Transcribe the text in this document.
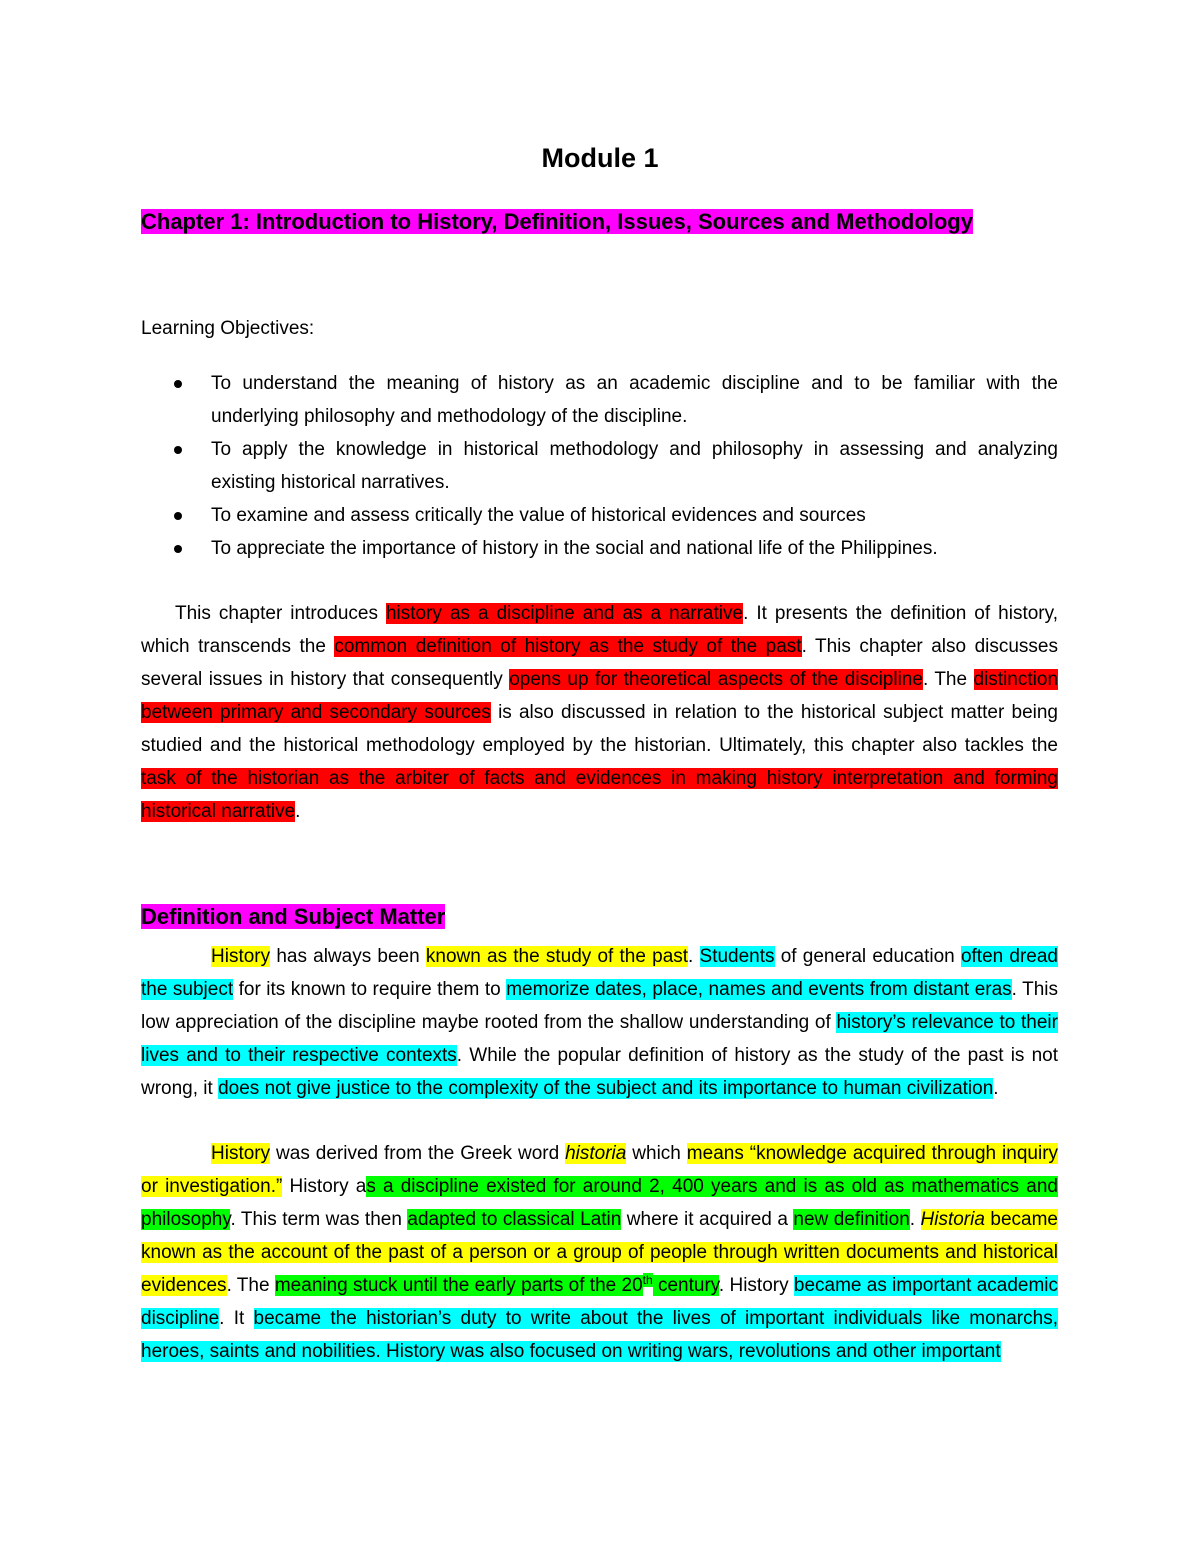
Module 1
Chapter 1: Introduction to History, Definition, Issues, Sources and Methodology
Learning Objectives:
To understand the meaning of history as an academic discipline and to be familiar with the underlying philosophy and methodology of the discipline.
To apply the knowledge in historical methodology and philosophy in assessing and analyzing existing historical narratives.
To examine and assess critically the value of historical evidences and sources
To appreciate the importance of history in the social and national life of the Philippines.

This chapter introduces history as a discipline and as a narrative. It presents the definition of history, which transcends the common definition of history as the study of the past. This chapter also discusses several issues in history that consequently opens up for theoretical aspects of the discipline. The distinction between primary and secondary sources is also discussed in relation to the historical subject matter being studied and the historical methodology employed by the historian. Ultimately, this chapter also tackles the task of the historian as the arbiter of facts and evidences in making history interpretation and forming historical narrative.

Definition and Subject Matter

History has always been known as the study of the past. Students of general education often dread the subject for its known to require them to memorize dates, place, names and events from distant eras. This low appreciation of the discipline maybe rooted from the shallow understanding of history’s relevance to their lives and to their respective contexts. While the popular definition of history as the study of the past is not wrong, it does not give justice to the complexity of the subject and its importance to human civilization.

History was derived from the Greek word historia which means “knowledge acquired through inquiry or investigation.” History as a discipline existed for around 2, 400 years and is as old as mathematics and philosophy. This term was then adapted to classical Latin where it acquired a new definition. Historia became known as the account of the past of a person or a group of people through written documents and historical evidences. The meaning stuck until the early parts of the 20th century. History became as important academic discipline. It became the historian’s duty to write about the lives of important individuals like monarchs, heroes, saints and nobilities. History was also focused on writing wars, revolutions and other important
